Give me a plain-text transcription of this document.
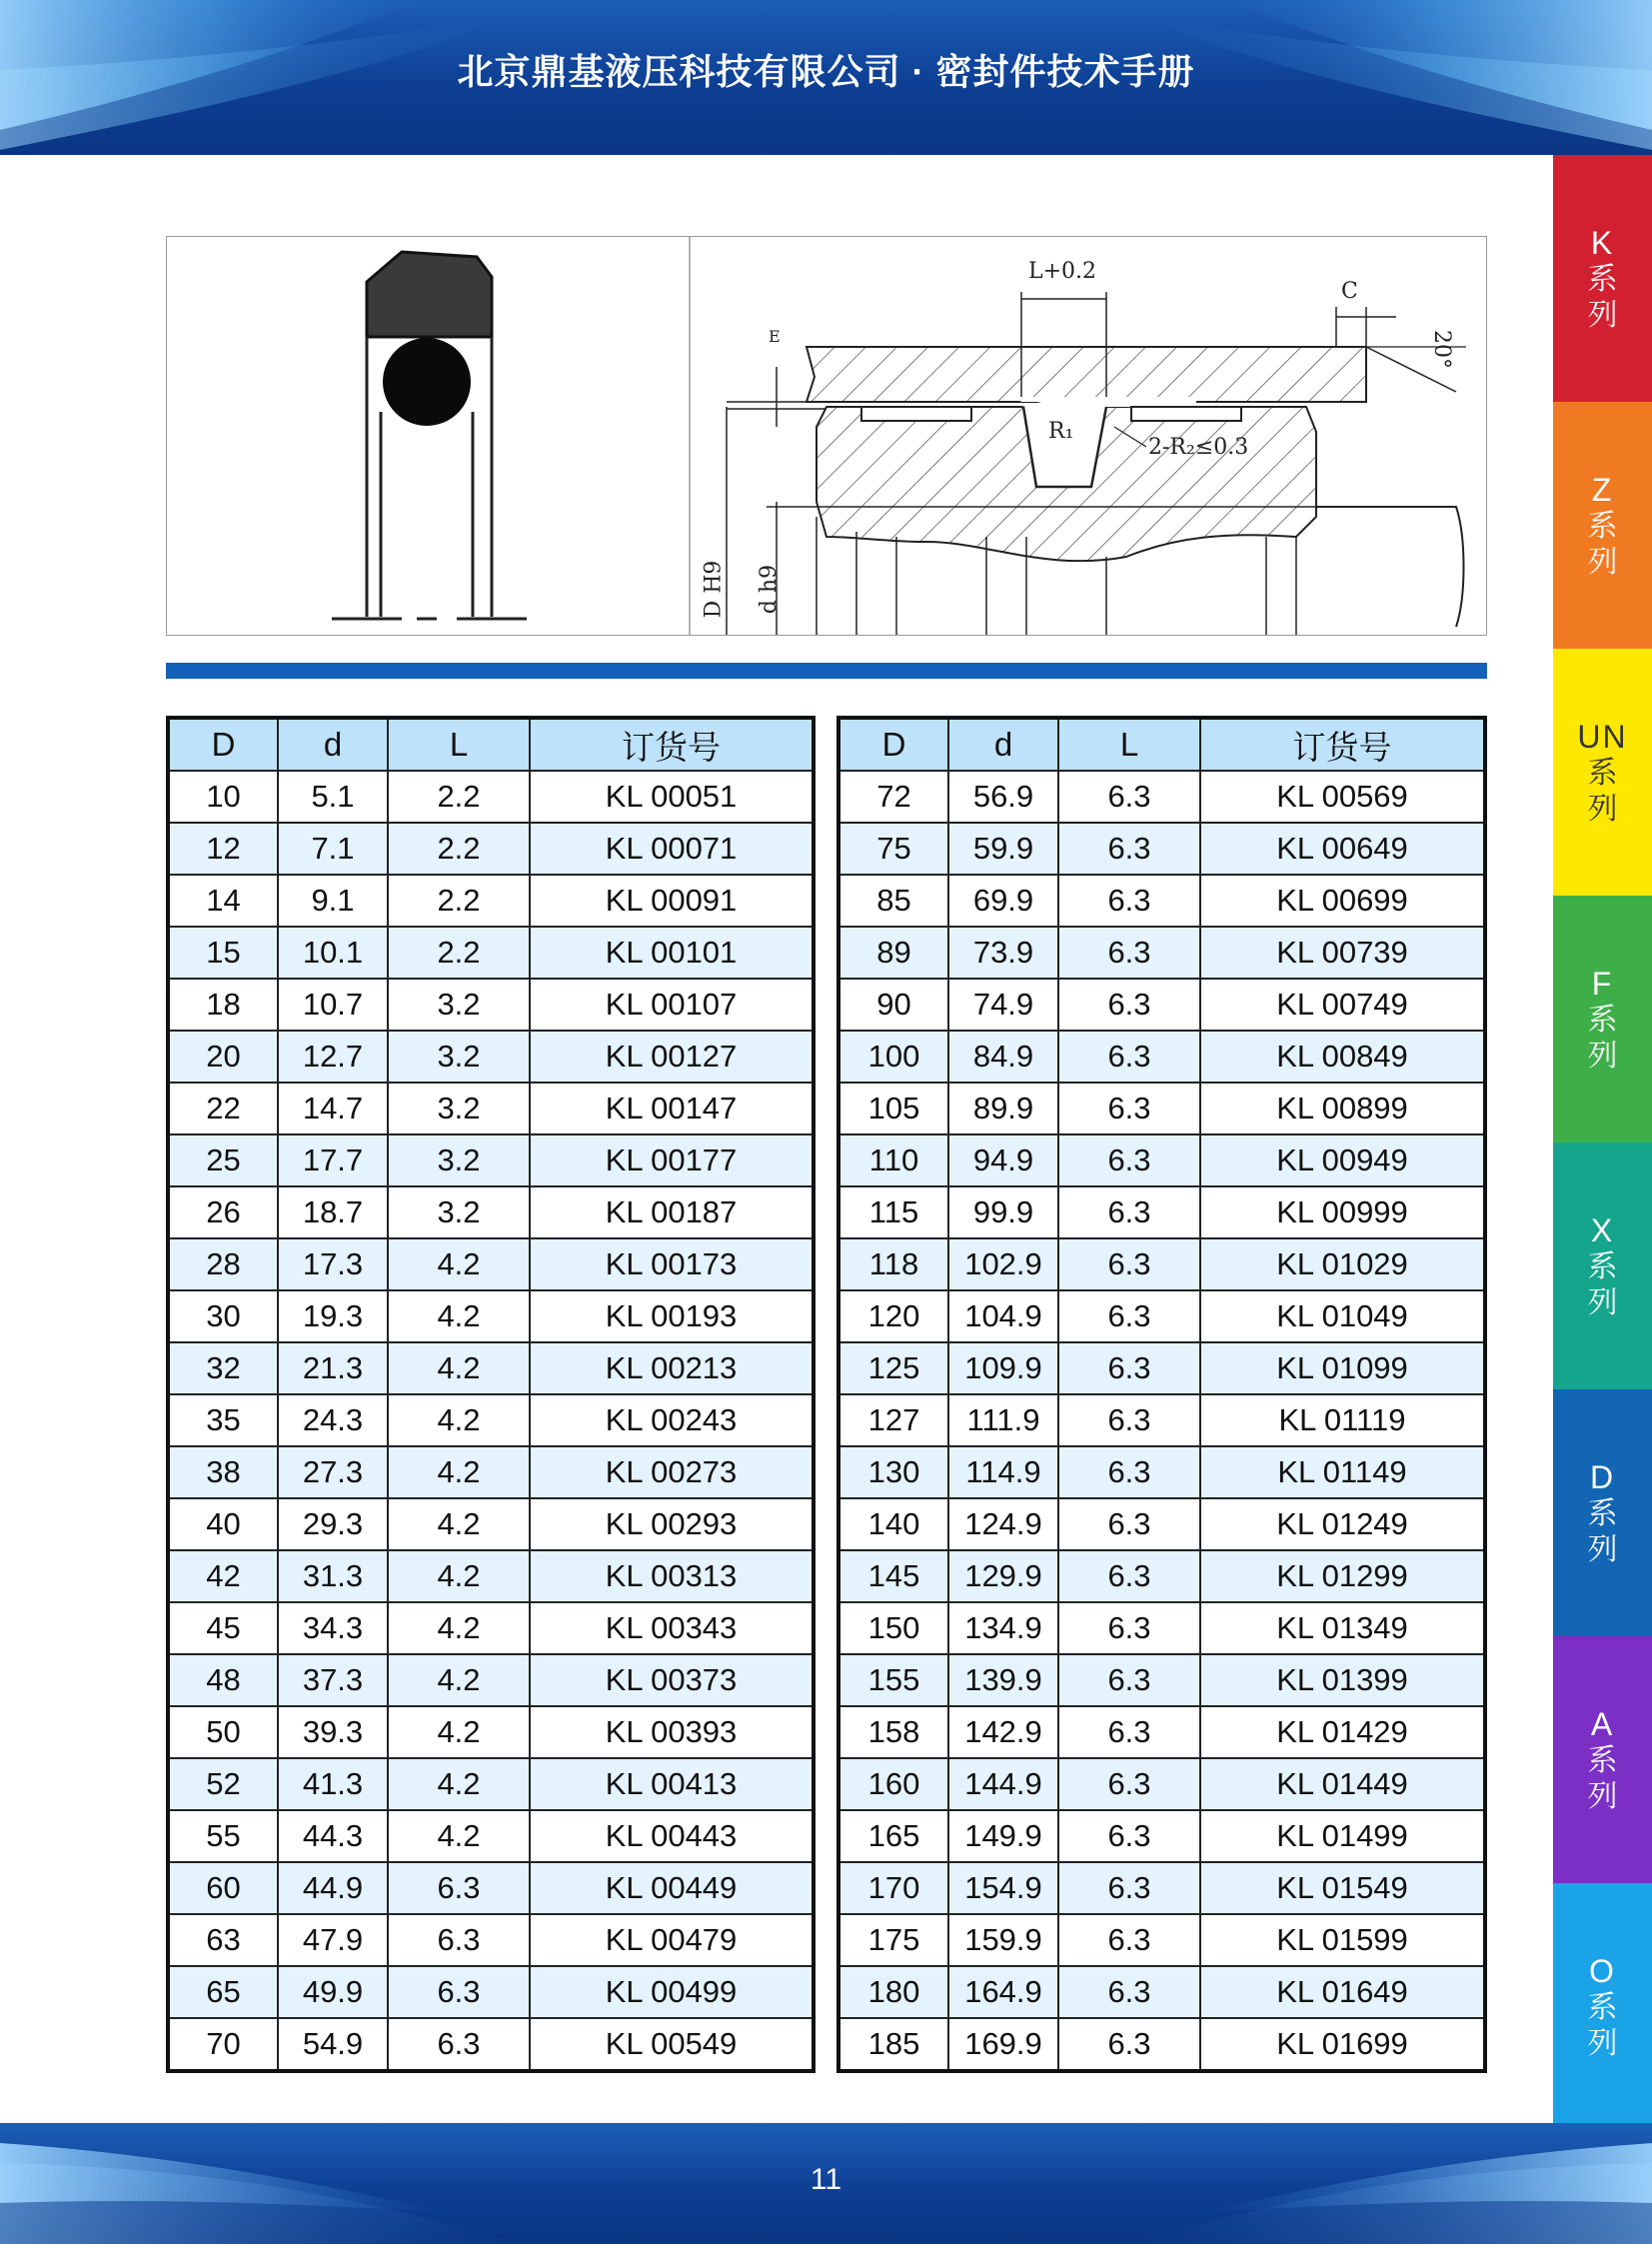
北京鼎基液压科技有限公司 · 密封件技术手册
K
系列
Z
系列
UN
系列
F
系列
X
系列
D
系列
A
系列
O
系列
L+0.2
C
20°
E
R₁
2-R₂≤0.3
D H9 d h9
D	d	L	订货号
10	5.1	2.2	KL 00051
12	7.1	2.2	KL 00071
14	9.1	2.2	KL 00091
15	10.1	2.2	KL 00101
18	10.7	3.2	KL 00107
20	12.7	3.2	KL 00127
22	14.7	3.2	KL 00147
25	17.7	3.2	KL 00177
26	18.7	3.2	KL 00187
28	17.3	4.2	KL 00173
30	19.3	4.2	KL 00193
32	21.3	4.2	KL 00213
35	24.3	4.2	KL 00243
38	27.3	4.2	KL 00273
40	29.3	4.2	KL 00293
42	31.3	4.2	KL 00313
45	34.3	4.2	KL 00343
48	37.3	4.2	KL 00373
50	39.3	4.2	KL 00393
52	41.3	4.2	KL 00413
55	44.3	4.2	KL 00443
60	44.9	6.3	KL 00449
63	47.9	6.3	KL 00479
65	49.9	6.3	KL 00499
70	54.9	6.3	KL 00549
D	d	L	订货号
72	56.9	6.3	KL 00569
75	59.9	6.3	KL 00649
85	69.9	6.3	KL 00699
89	73.9	6.3	KL 00739
90	74.9	6.3	KL 00749
100	84.9	6.3	KL 00849
105	89.9	6.3	KL 00899
110	94.9	6.3	KL 00949
115	99.9	6.3	KL 00999
118	102.9	6.3	KL 01029
120	104.9	6.3	KL 01049
125	109.9	6.3	KL 01099
127	111.9	6.3	KL 01119
130	114.9	6.3	KL 01149
140	124.9	6.3	KL 01249
145	129.9	6.3	KL 01299
150	134.9	6.3	KL 01349
155	139.9	6.3	KL 01399
158	142.9	6.3	KL 01429
160	144.9	6.3	KL 01449
165	149.9	6.3	KL 01499
170	154.9	6.3	KL 01549
175	159.9	6.3	KL 01599
180	164.9	6.3	KL 01649
185	169.9	6.3	KL 01699
11
